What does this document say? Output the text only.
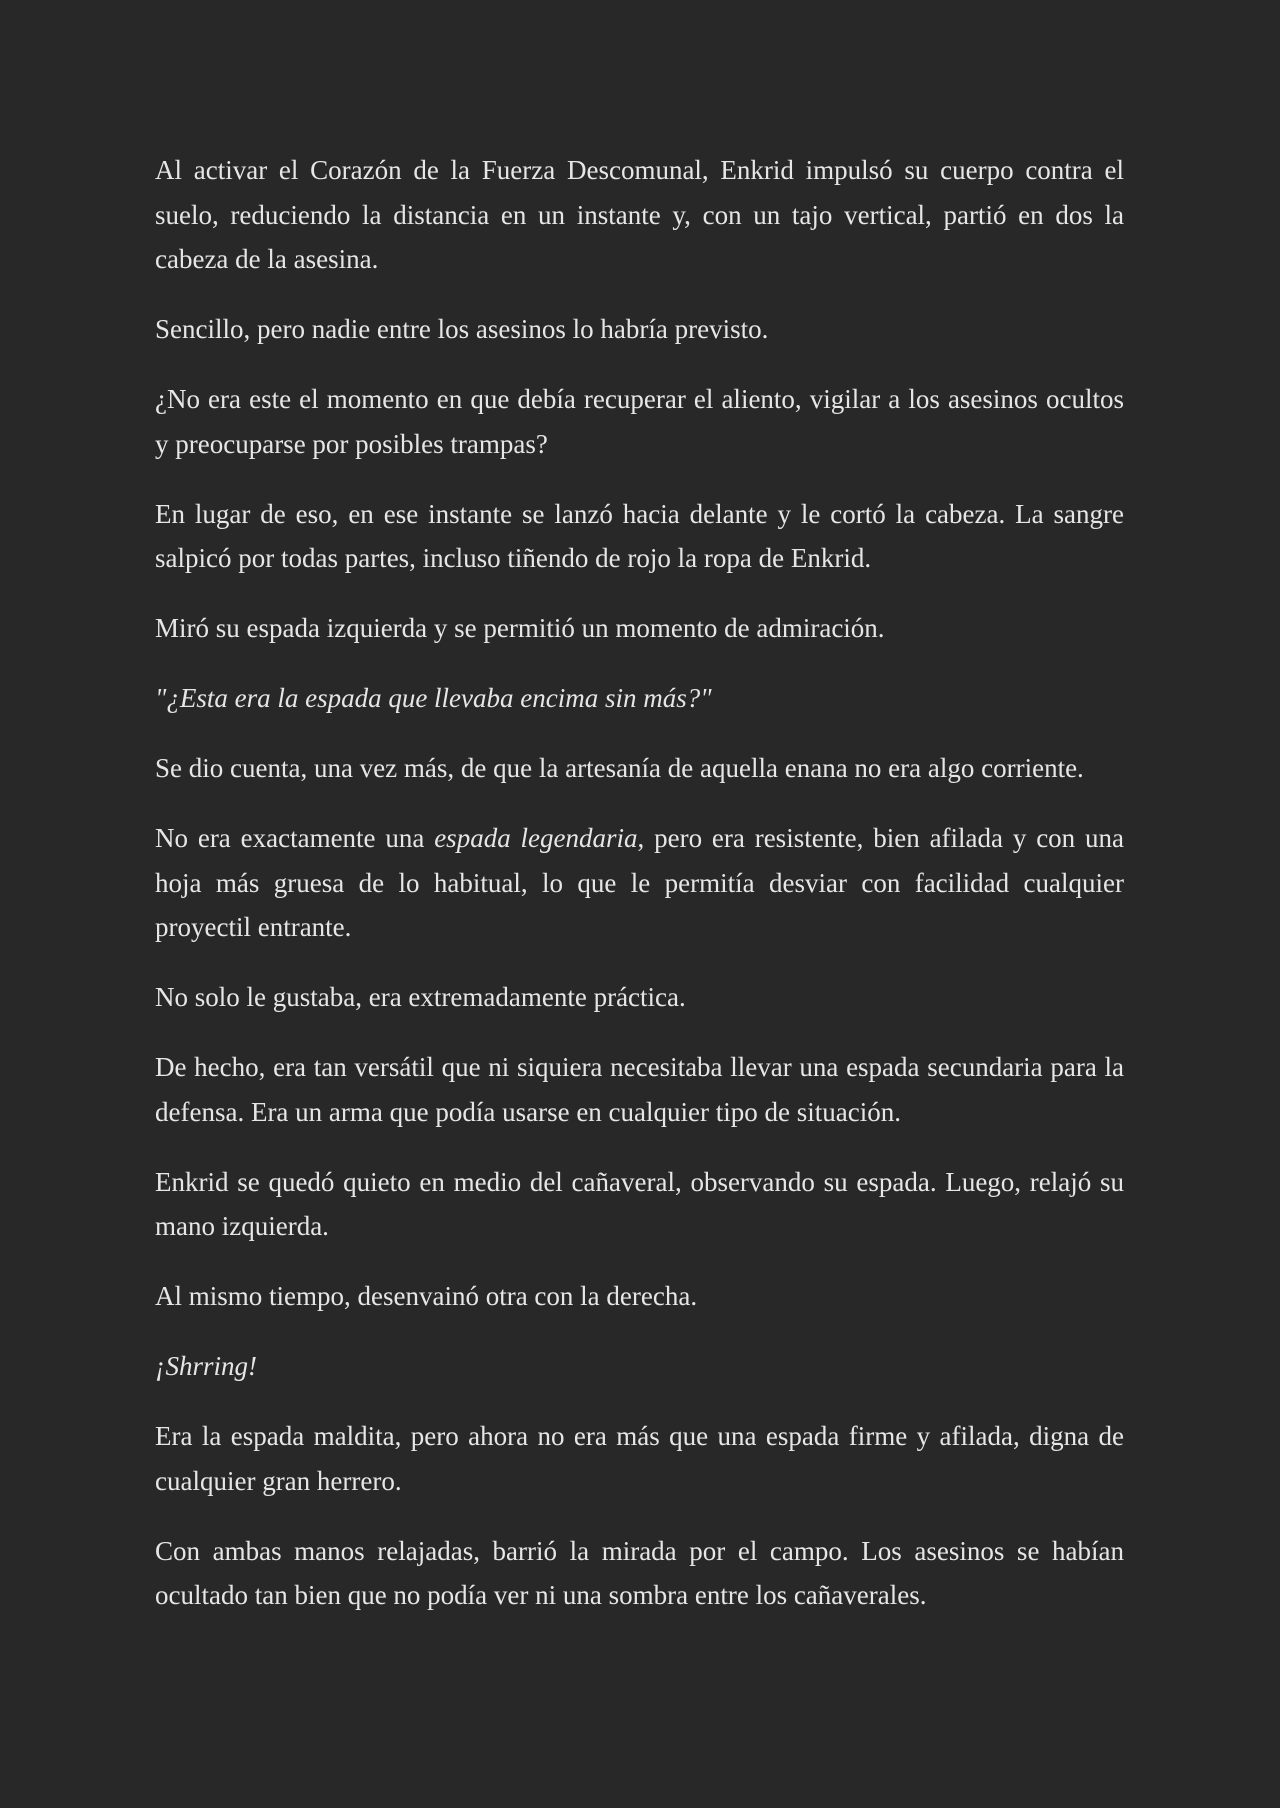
Al activar el Corazón de la Fuerza Descomunal, Enkrid impulsó su cuerpo contra el suelo, reduciendo la distancia en un instante y, con un tajo vertical, partió en dos la cabeza de la asesina.

Sencillo, pero nadie entre los asesinos lo habría previsto.

¿No era este el momento en que debía recuperar el aliento, vigilar a los asesinos ocultos y preocuparse por posibles trampas?

En lugar de eso, en ese instante se lanzó hacia delante y le cortó la cabeza. La sangre salpicó por todas partes, incluso tiñendo de rojo la ropa de Enkrid.

Miró su espada izquierda y se permitió un momento de admiración.

"¿Esta era la espada que llevaba encima sin más?"

Se dio cuenta, una vez más, de que la artesanía de aquella enana no era algo corriente.

No era exactamente una espada legendaria, pero era resistente, bien afilada y con una hoja más gruesa de lo habitual, lo que le permitía desviar con facilidad cualquier proyectil entrante.

No solo le gustaba, era extremadamente práctica.

De hecho, era tan versátil que ni siquiera necesitaba llevar una espada secundaria para la defensa. Era un arma que podía usarse en cualquier tipo de situación.

Enkrid se quedó quieto en medio del cañaveral, observando su espada. Luego, relajó su mano izquierda.

Al mismo tiempo, desenvainó otra con la derecha.

¡Shrring!

Era la espada maldita, pero ahora no era más que una espada firme y afilada, digna de cualquier gran herrero.

Con ambas manos relajadas, barrió la mirada por el campo. Los asesinos se habían ocultado tan bien que no podía ver ni una sombra entre los cañaverales.
